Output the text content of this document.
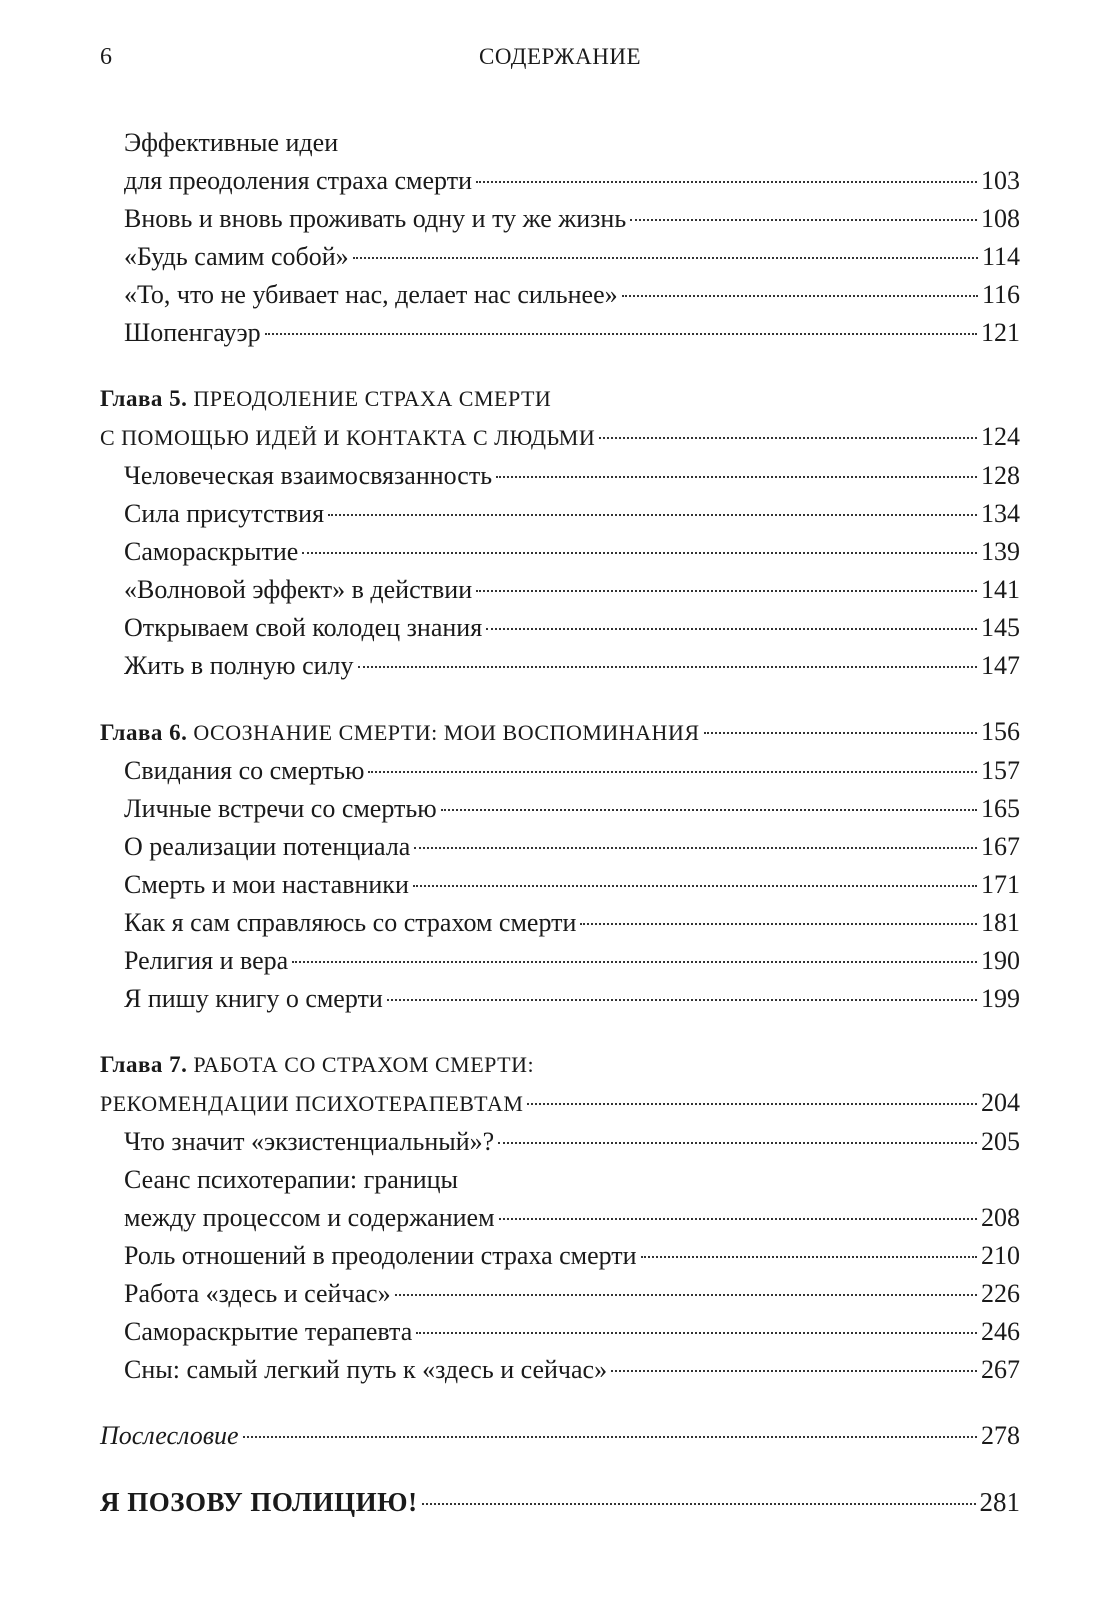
6	СОДЕРЖАНИЕ
Эффективные идеи
для преодоления страха смерти	103
Вновь и вновь проживать одну и ту же жизнь	108
«Будь самим собой»	114
«То, что не убивает нас, делает нас сильнее»	116
Шопенгауэр	121
Глава 5. ПРЕОДОЛЕНИЕ СТРАХА СМЕРТИ
С ПОМОЩЬЮ ИДЕЙ И КОНТАКТА С ЛЮДЬМИ	124
Человеческая взаимосвязанность	128
Сила присутствия	134
Самораскрытие	139
«Волновой эффект» в действии	141
Открываем свой колодец знания	145
Жить в полную силу	147
Глава 6. ОСОЗНАНИЕ СМЕРТИ: МОИ ВОСПОМИНАНИЯ	156
Свидания со смертью	157
Личные встречи со смертью	165
О реализации потенциала	167
Смерть и мои наставники	171
Как я сам справляюсь со страхом смерти	181
Религия и вера	190
Я пишу книгу о смерти	199
Глава 7. РАБОТА СО СТРАХОМ СМЕРТИ:
РЕКОМЕНДАЦИИ ПСИХОТЕРАПЕВТАМ	204
Что значит «экзистенциальный»?	205
Сеанс психотерапии: границы
между процессом и содержанием	208
Роль отношений в преодолении страха смерти	210
Работа «здесь и сейчас»	226
Самораскрытие терапевта	246
Сны: самый легкий путь к «здесь и сейчас»	267
Послесловие	278
Я ПОЗОВУ ПОЛИЦИЮ!	281
